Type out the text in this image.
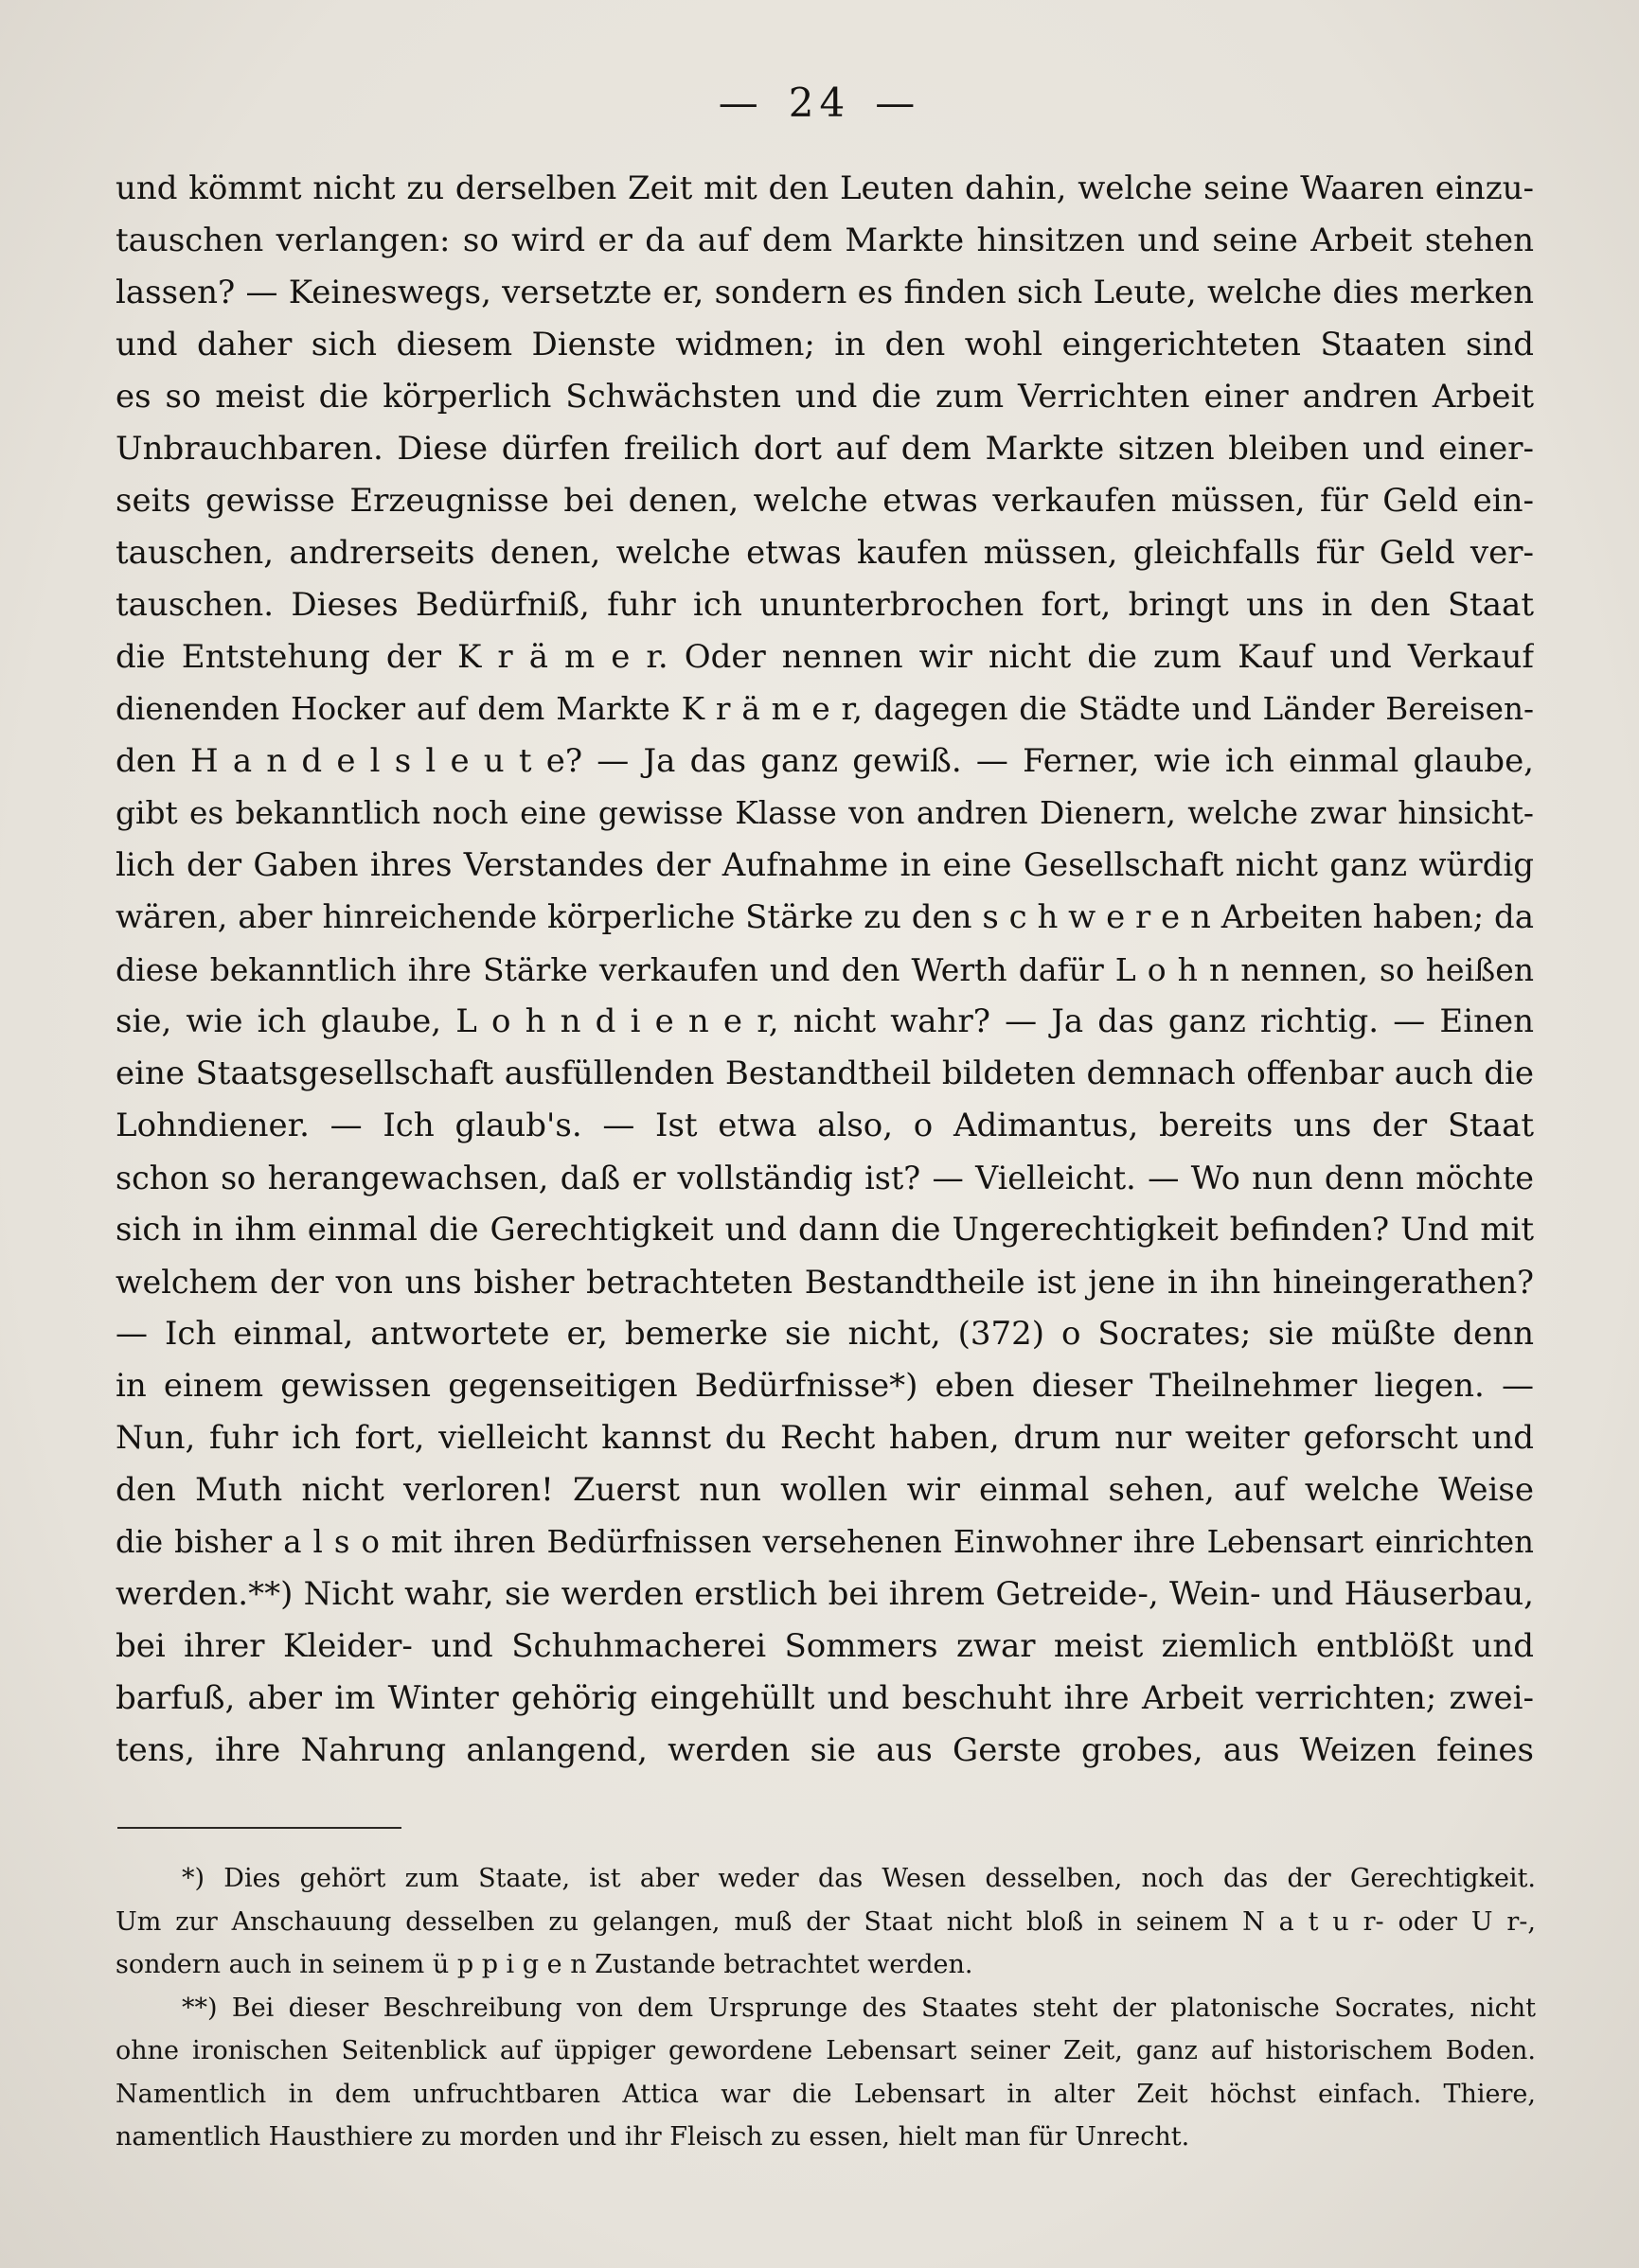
— 24 —
und kömmt nicht zu derselben Zeit mit den Leuten dahin, welche seine Waaren einzu-
tauschen verlangen: so wird er da auf dem Markte hinsitzen und seine Arbeit stehen
lassen? — Keineswegs, versetzte er, sondern es finden sich Leute, welche dies merken
und daher sich diesem Dienste widmen; in den wohl eingerichteten Staaten sind
es so meist die körperlich Schwächsten und die zum Verrichten einer andren Arbeit
Unbrauchbaren. Diese dürfen freilich dort auf dem Markte sitzen bleiben und einer-
seits gewisse Erzeugnisse bei denen, welche etwas verkaufen müssen, für Geld ein-
tauschen, andrerseits denen, welche etwas kaufen müssen, gleichfalls für Geld ver-
tauschen. Dieses Bedürfniß, fuhr ich ununterbrochen fort, bringt uns in den Staat
die Entstehung der K r ä m e r. Oder nennen wir nicht die zum Kauf und Verkauf
dienenden Hocker auf dem Markte K r ä m e r, dagegen die Städte und Länder Bereisen-
den H a n d e l s l e u t e? — Ja das ganz gewiß. — Ferner, wie ich einmal glaube,
gibt es bekanntlich noch eine gewisse Klasse von andren Dienern, welche zwar hinsicht-
lich der Gaben ihres Verstandes der Aufnahme in eine Gesellschaft nicht ganz würdig
wären, aber hinreichende körperliche Stärke zu den s c h w e r e n Arbeiten haben; da
diese bekanntlich ihre Stärke verkaufen und den Werth dafür L o h n nennen, so heißen
sie, wie ich glaube, L o h n d i e n e r, nicht wahr? — Ja das ganz richtig. — Einen
eine Staatsgesellschaft ausfüllenden Bestandtheil bildeten demnach offenbar auch die
Lohndiener. — Ich glaub's. — Ist etwa also, o Adimantus, bereits uns der Staat
schon so herangewachsen, daß er vollständig ist? — Vielleicht. — Wo nun denn möchte
sich in ihm einmal die Gerechtigkeit und dann die Ungerechtigkeit befinden? Und mit
welchem der von uns bisher betrachteten Bestandtheile ist jene in ihn hineingerathen?
— Ich einmal, antwortete er, bemerke sie nicht, (372) o Socrates; sie müßte denn
in einem gewissen gegenseitigen Bedürfnisse*) eben dieser Theilnehmer liegen. —
Nun, fuhr ich fort, vielleicht kannst du Recht haben, drum nur weiter geforscht und
den Muth nicht verloren! Zuerst nun wollen wir einmal sehen, auf welche Weise
die bisher a l s o mit ihren Bedürfnissen versehenen Einwohner ihre Lebensart einrichten
werden.**) Nicht wahr, sie werden erstlich bei ihrem Getreide-, Wein- und Häuserbau,
bei ihrer Kleider- und Schuhmacherei Sommers zwar meist ziemlich entblößt und
barfuß, aber im Winter gehörig eingehüllt und beschuht ihre Arbeit verrichten; zwei-
tens, ihre Nahrung anlangend, werden sie aus Gerste grobes, aus Weizen feines
*) Dies gehört zum Staate, ist aber weder das Wesen desselben, noch das der Gerechtigkeit.
Um zur Anschauung desselben zu gelangen, muß der Staat nicht bloß in seinem N a t u r- oder U r-,
sondern auch in seinem ü p p i g e n Zustande betrachtet werden.
**) Bei dieser Beschreibung von dem Ursprunge des Staates steht der platonische Socrates, nicht
ohne ironischen Seitenblick auf üppiger gewordene Lebensart seiner Zeit, ganz auf historischem Boden.
Namentlich in dem unfruchtbaren Attica war die Lebensart in alter Zeit höchst einfach. Thiere,
namentlich Hausthiere zu morden und ihr Fleisch zu essen, hielt man für Unrecht.
